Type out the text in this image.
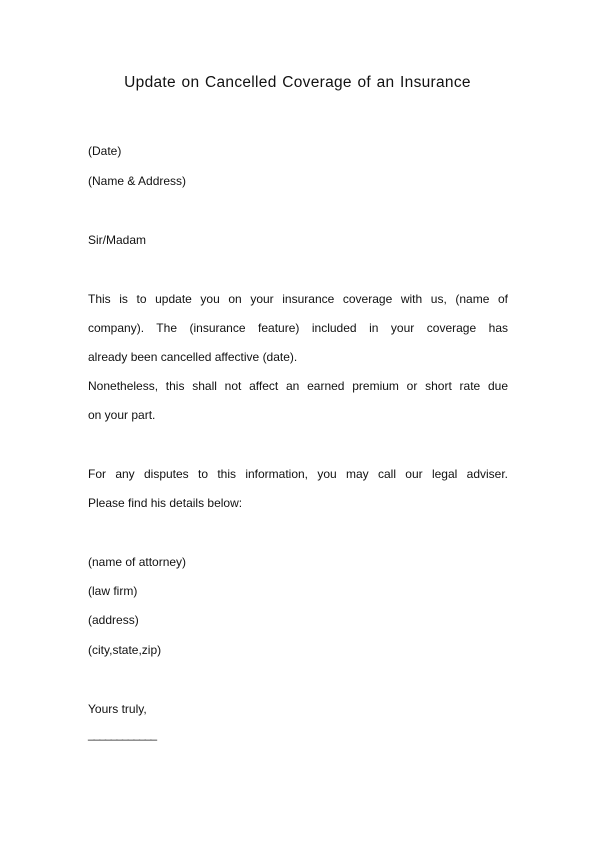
Update on Cancelled Coverage of an Insurance
(Date)
(Name & Address)
Sir/Madam
This is to update you on your insurance coverage with us, (name of
company). The (insurance feature) included in your coverage has
already been cancelled affective (date).
Nonetheless, this shall not affect an earned premium or short rate due
on your part.
For any disputes to this information, you may call our legal adviser.
Please find his details below:
(name of attorney)
(law firm)
(address)
(city,state,zip)
Yours truly,
____________
